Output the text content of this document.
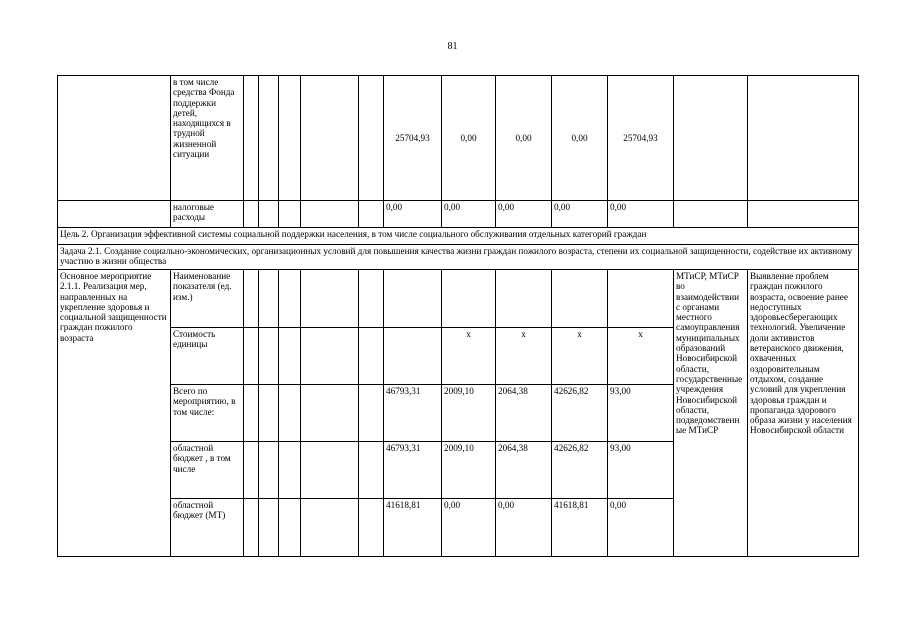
81
	в том числе средства Фонда поддержки детей, находящихся в трудной жизненной ситуации						25704,93	0,00	0,00	0,00	25704,93		
	налоговые расходы						0,00	0,00	0,00	0,00	0,00		
Цель 2. Организация эффективной системы социальной поддержки населения, в том числе социального обслуживания отдельных категорий граждан													
Задача 2.1. Создание социально-экономических, организационных условий для повышения качества жизни граждан пожилого возраста, степени их социальной защищенности, содействие их активному участию в жизни общества													
Основное мероприятие 2.1.1. Реализация мер, направленных на укрепление здоровья и социальной защищенности граждан пожилого возраста	Наименование показателя (ед. изм.)											МТиСР, МТиСР во взаимодействии с органами местного самоуправления муниципальных образований Новосибирской области, государственные учреждения Новосибирской области, подведомственные МТиСР	Выявление проблем граждан пожилого возраста, освоение ранее недоступных здоровьесберегающих технологий. Увеличение доли активистов ветеранского движения, охваченных оздоровительным отдыхом, создание условий для укрепления здоровья граждан и пропаганда здорового образа жизни у населения Новосибирской области
	Стоимость единицы							x	x	x	x		
	Всего по мероприятию, в том числе:						46793,31	2009,10	2064,38	42626,82	93,00		
	областной бюджет , в том числе						46793,31	2009,10	2064,38	42626,82	93,00		
	областной бюджет (МТ)						41618,81	0,00	0,00	41618,81	0,00		
